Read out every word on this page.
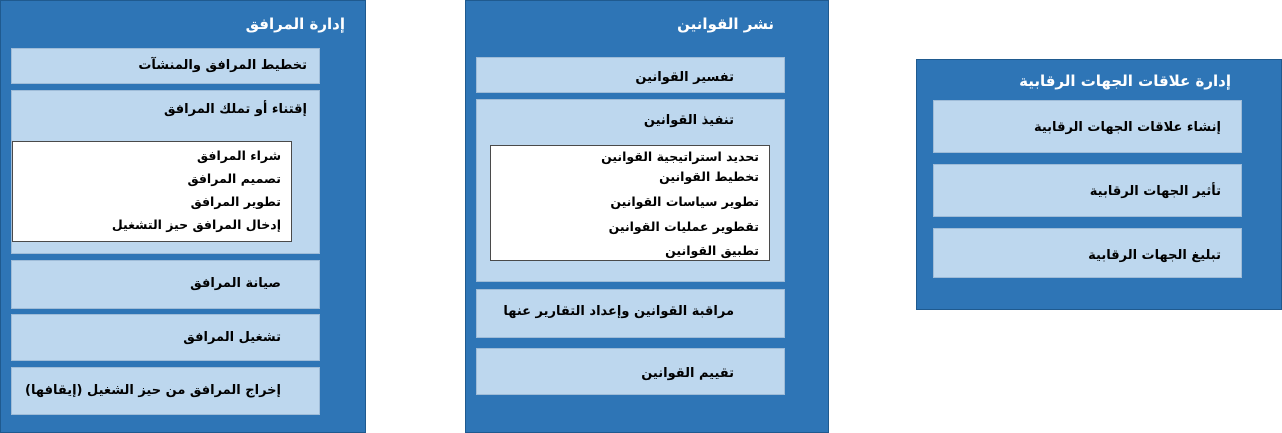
إدارة المرافق
تخطيط المرافق والمنشآت
إقتناء أو تملك المرافق
شراء المرافق
تصميم المرافق
تطوير المرافق
إدخال المرافق حيز التشغيل
صيانة المرافق
تشغيل المرافق
إخراج المرافق من حيز الشغيل (إيقافها)
نشر القوانين
تفسير القوانين
تنفيذ القوانين
تحديد استراتيجية القوانين
تخطيط القوانين
تطوير سياسات القوانين
تقطوير عمليات القوانين
تطبيق القوانين
مراقبة القوانين وإعداد التقارير عنها
تقييم القوانين
إدارة علاقات الجهات الرقابية
إنشاء علاقات الجهات الرقابية
تأثير الجهات الرقابية
تبليغ الجهات الرقابية
